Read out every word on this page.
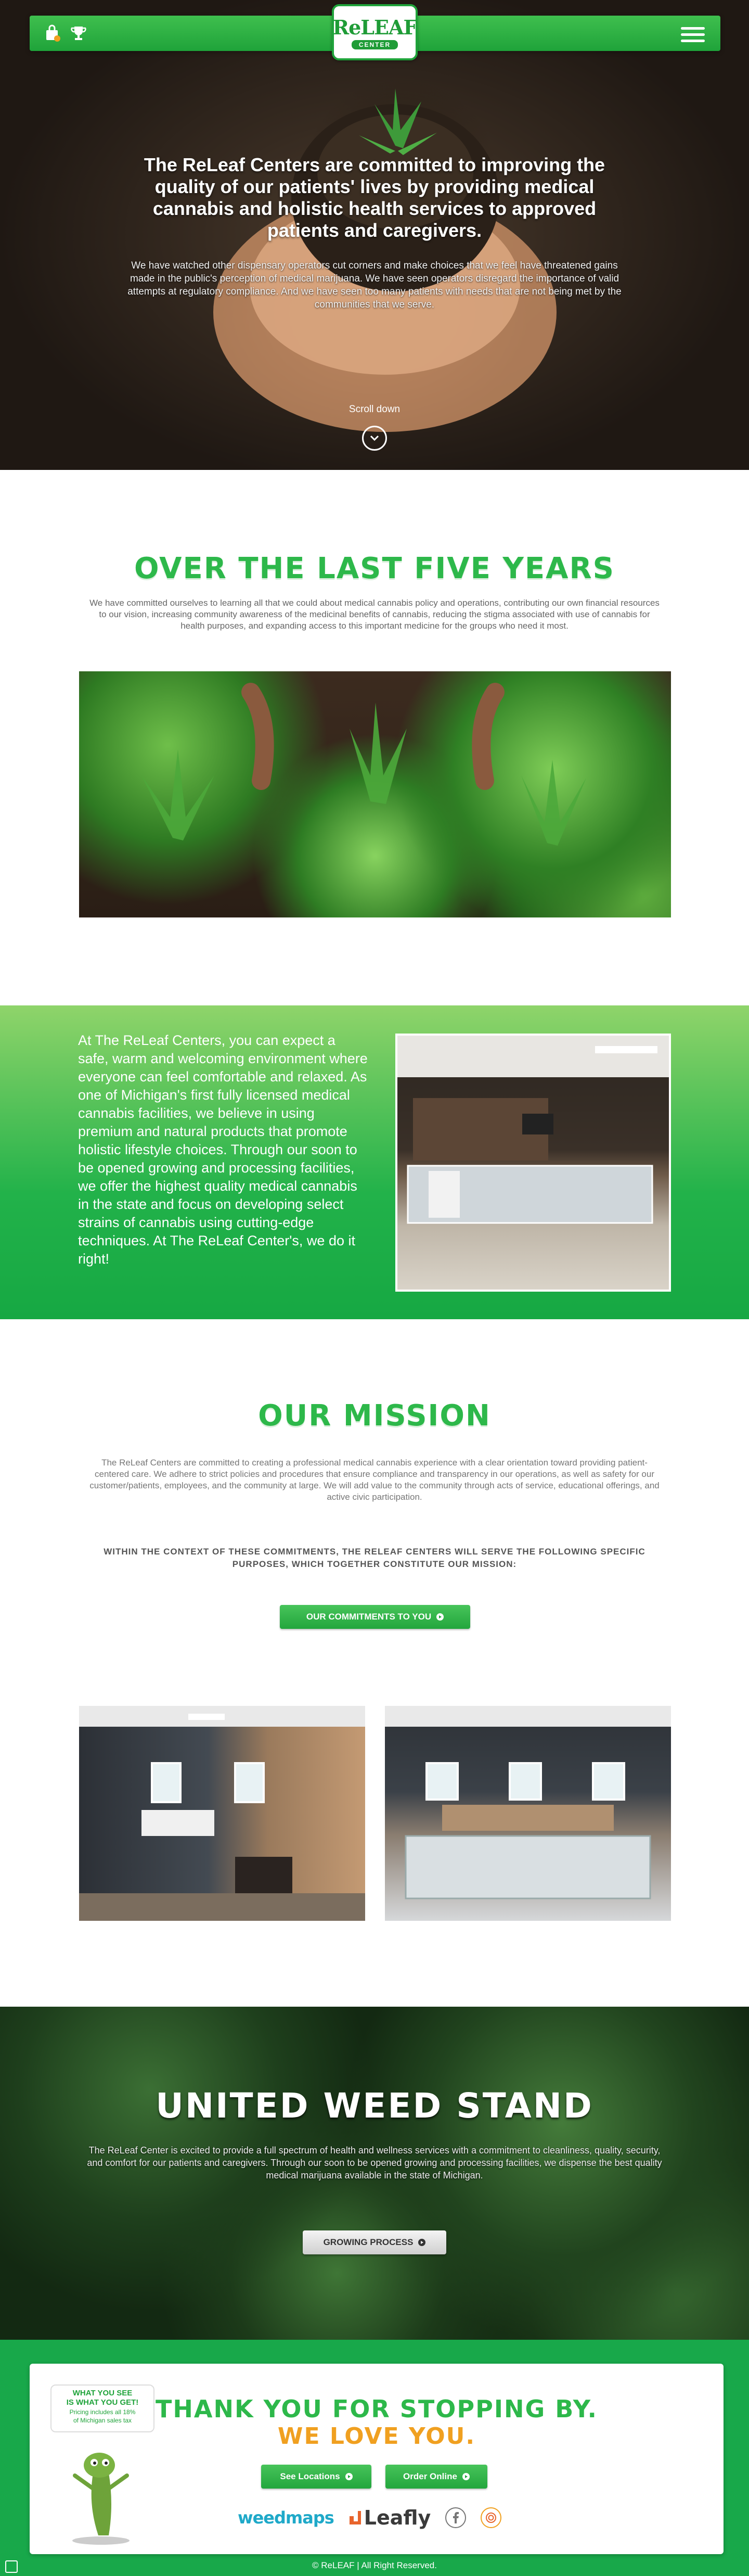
ReLEAF
CENTER
The ReLeaf Centers are committed to improving the quality of our patients' lives by providing medical cannabis and holistic health services to approved patients and caregivers.

We have watched other dispensary operators cut corners and make choices that we feel have threatened gains made in the public's perception of medical marijuana. We have seen operators disregard the importance of valid attempts at regulatory compliance. And we have seen too many patients with needs that are not being met by the communities that we serve.

Scroll down
OVER THE LAST FIVE YEARS

We have committed ourselves to learning all that we could about medical cannabis policy and operations, contributing our own financial resources to our vision, increasing community awareness of the medicinal benefits of cannabis, reducing the stigma associated with use of cannabis for health purposes, and expanding access to this important medicine for the groups who need it most.

At The ReLeaf Centers, you can expect a safe, warm and welcoming environment where everyone can feel comfortable and relaxed. As one of Michigan's first fully licensed medical cannabis facilities, we believe in using premium and natural products that promote holistic lifestyle choices. Through our soon to be opened growing and processing facilities, we offer the highest quality medical cannabis in the state and focus on developing select strains of cannabis using cutting-edge techniques. At The ReLeaf Center's, we do it right!

OUR MISSION

The ReLeaf Centers are committed to creating a professional medical cannabis experience with a clear orientation toward providing patient-centered care. We adhere to strict policies and procedures that ensure compliance and transparency in our operations, as well as safety for our customer/patients, employees, and the community at large. We will add value to the community through acts of service, educational offerings, and active civic participation.

WITHIN THE CONTEXT OF THESE COMMITMENTS, THE RELEAF CENTERS WILL SERVE THE FOLLOWING SPECIFIC PURPOSES, WHICH TOGETHER CONSTITUTE OUR MISSION:

OUR COMMITMENTS TO YOU
UNITED WEED STAND

The ReLeaf Center is excited to provide a full spectrum of health and wellness services with a commitment to cleanliness, quality, security, and comfort for our patients and caregivers. Through our soon to be opened growing and processing facilities, we dispense the best quality medical marijuana available in the state of Michigan.

GROWING PROCESS
WHAT YOU SEE
IS WHAT YOU GET!
Pricing includes all 18%
of Michigan sales tax	THANK YOU FOR STOPPING BY.
WE LOVE YOU.
See Locations	Order Online
weedmaps Leafly
© ReLEAF | All Right Reserved.
